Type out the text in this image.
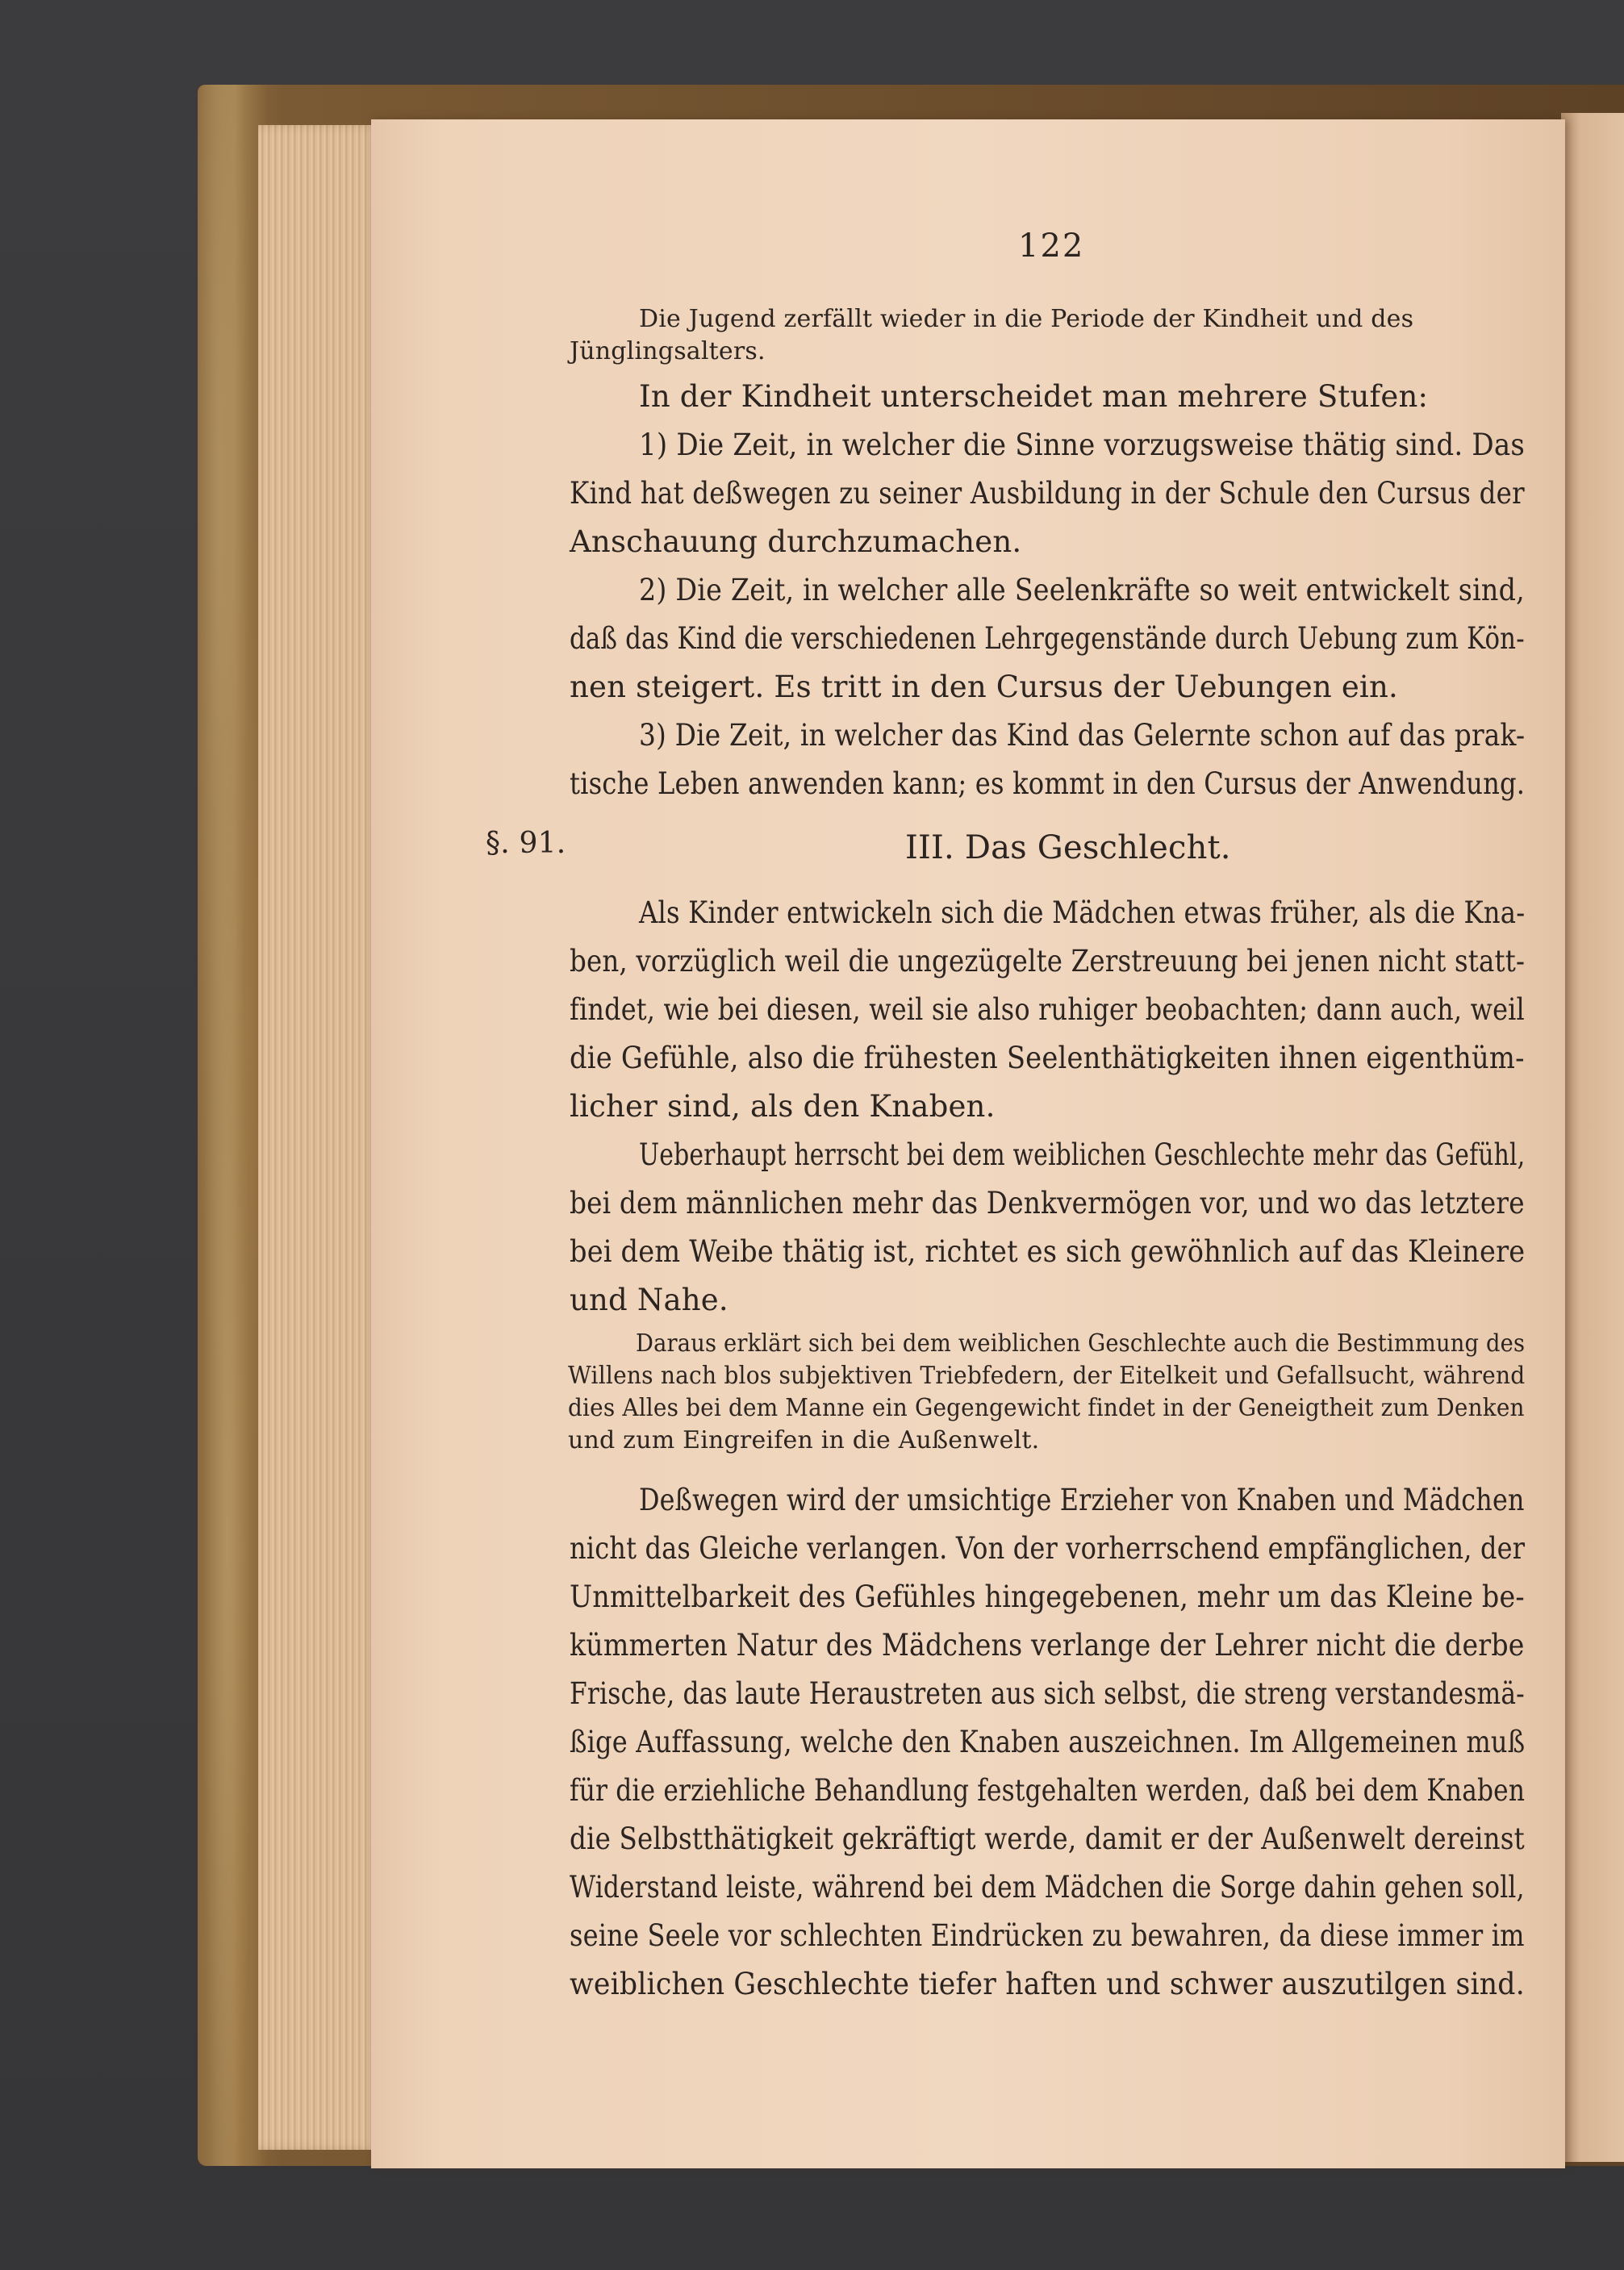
122
Die Jugend zerfällt wieder in die Periode der Kindheit und des
Jünglingsalters.
In der Kindheit unterscheidet man mehrere Stufen:
1) Die Zeit, in welcher die Sinne vorzugsweise thätig sind. Das
Kind hat deßwegen zu seiner Ausbildung in der Schule den Cursus der
Anschauung durchzumachen.
2) Die Zeit, in welcher alle Seelenkräfte so weit entwickelt sind,
daß das Kind die verschiedenen Lehrgegenstände durch Uebung zum Kön-
nen steigert. Es tritt in den Cursus der Uebungen ein.
3) Die Zeit, in welcher das Kind das Gelernte schon auf das prak-
tische Leben anwenden kann; es kommt in den Cursus der Anwendung.
§. 91.	III. Das Geschlecht.
Als Kinder entwickeln sich die Mädchen etwas früher, als die Kna-
ben, vorzüglich weil die ungezügelte Zerstreuung bei jenen nicht statt-
findet, wie bei diesen, weil sie also ruhiger beobachten; dann auch, weil
die Gefühle, also die frühesten Seelenthätigkeiten ihnen eigenthüm-
licher sind, als den Knaben.
Ueberhaupt herrscht bei dem weiblichen Geschlechte mehr das Gefühl,
bei dem männlichen mehr das Denkvermögen vor, und wo das letztere
bei dem Weibe thätig ist, richtet es sich gewöhnlich auf das Kleinere
und Nahe.
Daraus erklärt sich bei dem weiblichen Geschlechte auch die Bestimmung des
Willens nach blos subjektiven Triebfedern, der Eitelkeit und Gefallsucht, während
dies Alles bei dem Manne ein Gegengewicht findet in der Geneigtheit zum Denken
und zum Eingreifen in die Außenwelt.
Deßwegen wird der umsichtige Erzieher von Knaben und Mädchen
nicht das Gleiche verlangen. Von der vorherrschend empfänglichen, der
Unmittelbarkeit des Gefühles hingegebenen, mehr um das Kleine be-
kümmerten Natur des Mädchens verlange der Lehrer nicht die derbe
Frische, das laute Heraustreten aus sich selbst, die streng verstandesmä-
ßige Auffassung, welche den Knaben auszeichnen. Im Allgemeinen muß
für die erziehliche Behandlung festgehalten werden, daß bei dem Knaben
die Selbstthätigkeit gekräftigt werde, damit er der Außenwelt dereinst
Widerstand leiste, während bei dem Mädchen die Sorge dahin gehen soll,
seine Seele vor schlechten Eindrücken zu bewahren, da diese immer im
weiblichen Geschlechte tiefer haften und schwer auszutilgen sind.
